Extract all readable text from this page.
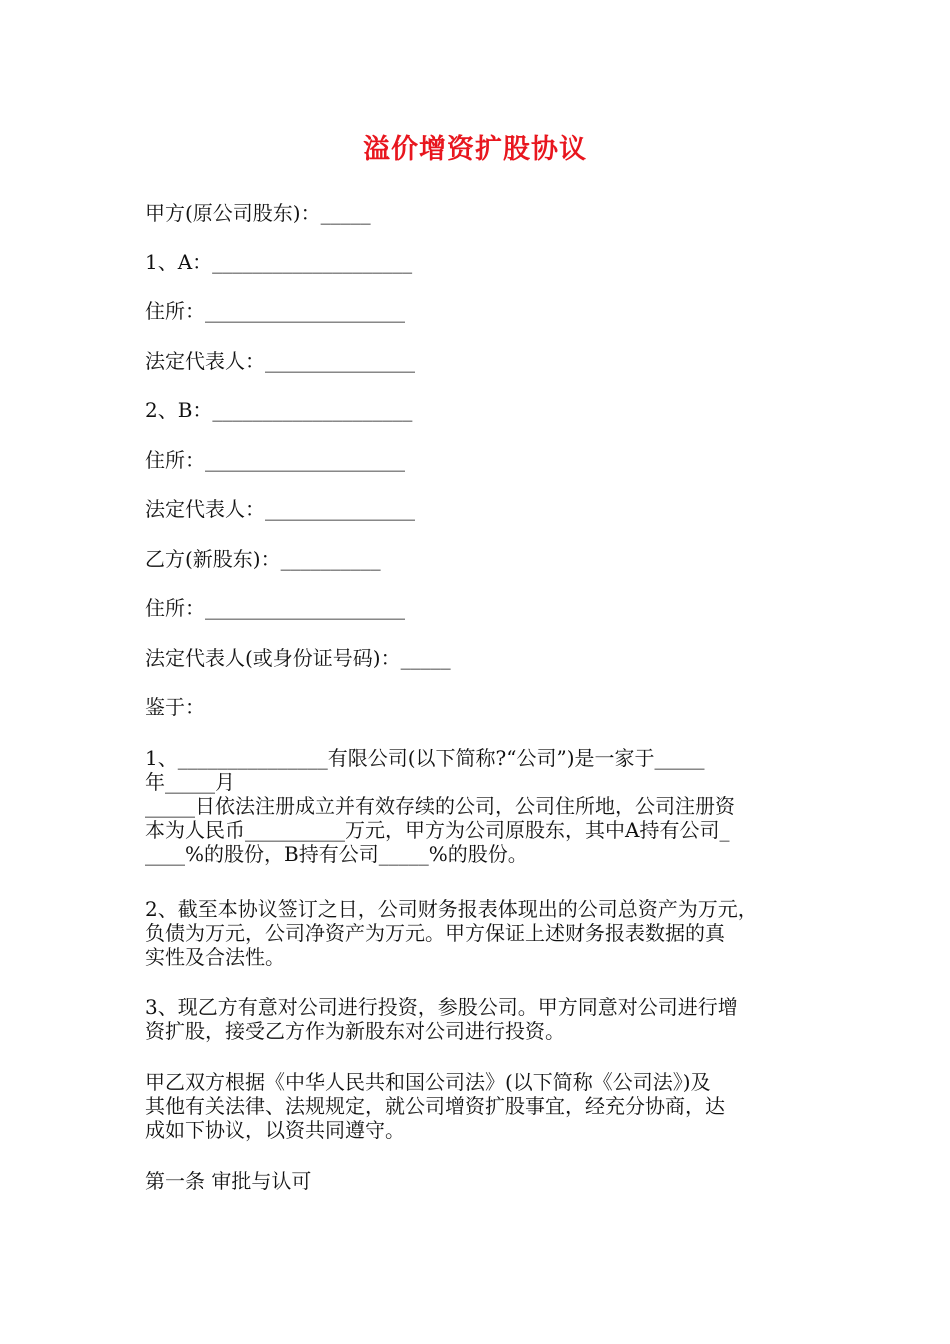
溢价增资扩股协议
甲方(原公司股东)：_____
1、A：____________________
住所：____________________
法定代表人：_______________
2、B：____________________
住所：____________________
法定代表人：_______________
乙方(新股东)：__________
住所：____________________
法定代表人(或身份证号码)：_____
鉴于：
1、_______________有限公司(以下简称?“公司”)是一家于_____
年_____月
_____日依法注册成立并有效存续的公司，公司住所地，公司注册资
本为人民币__________万元，甲方为公司原股东，其中A持有公司_
____%的股份，B持有公司_____%的股份。
2、截至本协议签订之日，公司财务报表体现出的公司总资产为万元，
负债为万元，公司净资产为万元。甲方保证上述财务报表数据的真
实性及合法性。
3、现乙方有意对公司进行投资，参股公司。甲方同意对公司进行增
资扩股，接受乙方作为新股东对公司进行投资。
甲乙双方根据《中华人民共和国公司法》(以下简称《公司法》)及
其他有关法律、法规规定，就公司增资扩股事宜，经充分协商，达
成如下协议，以资共同遵守。
第一条 审批与认可
